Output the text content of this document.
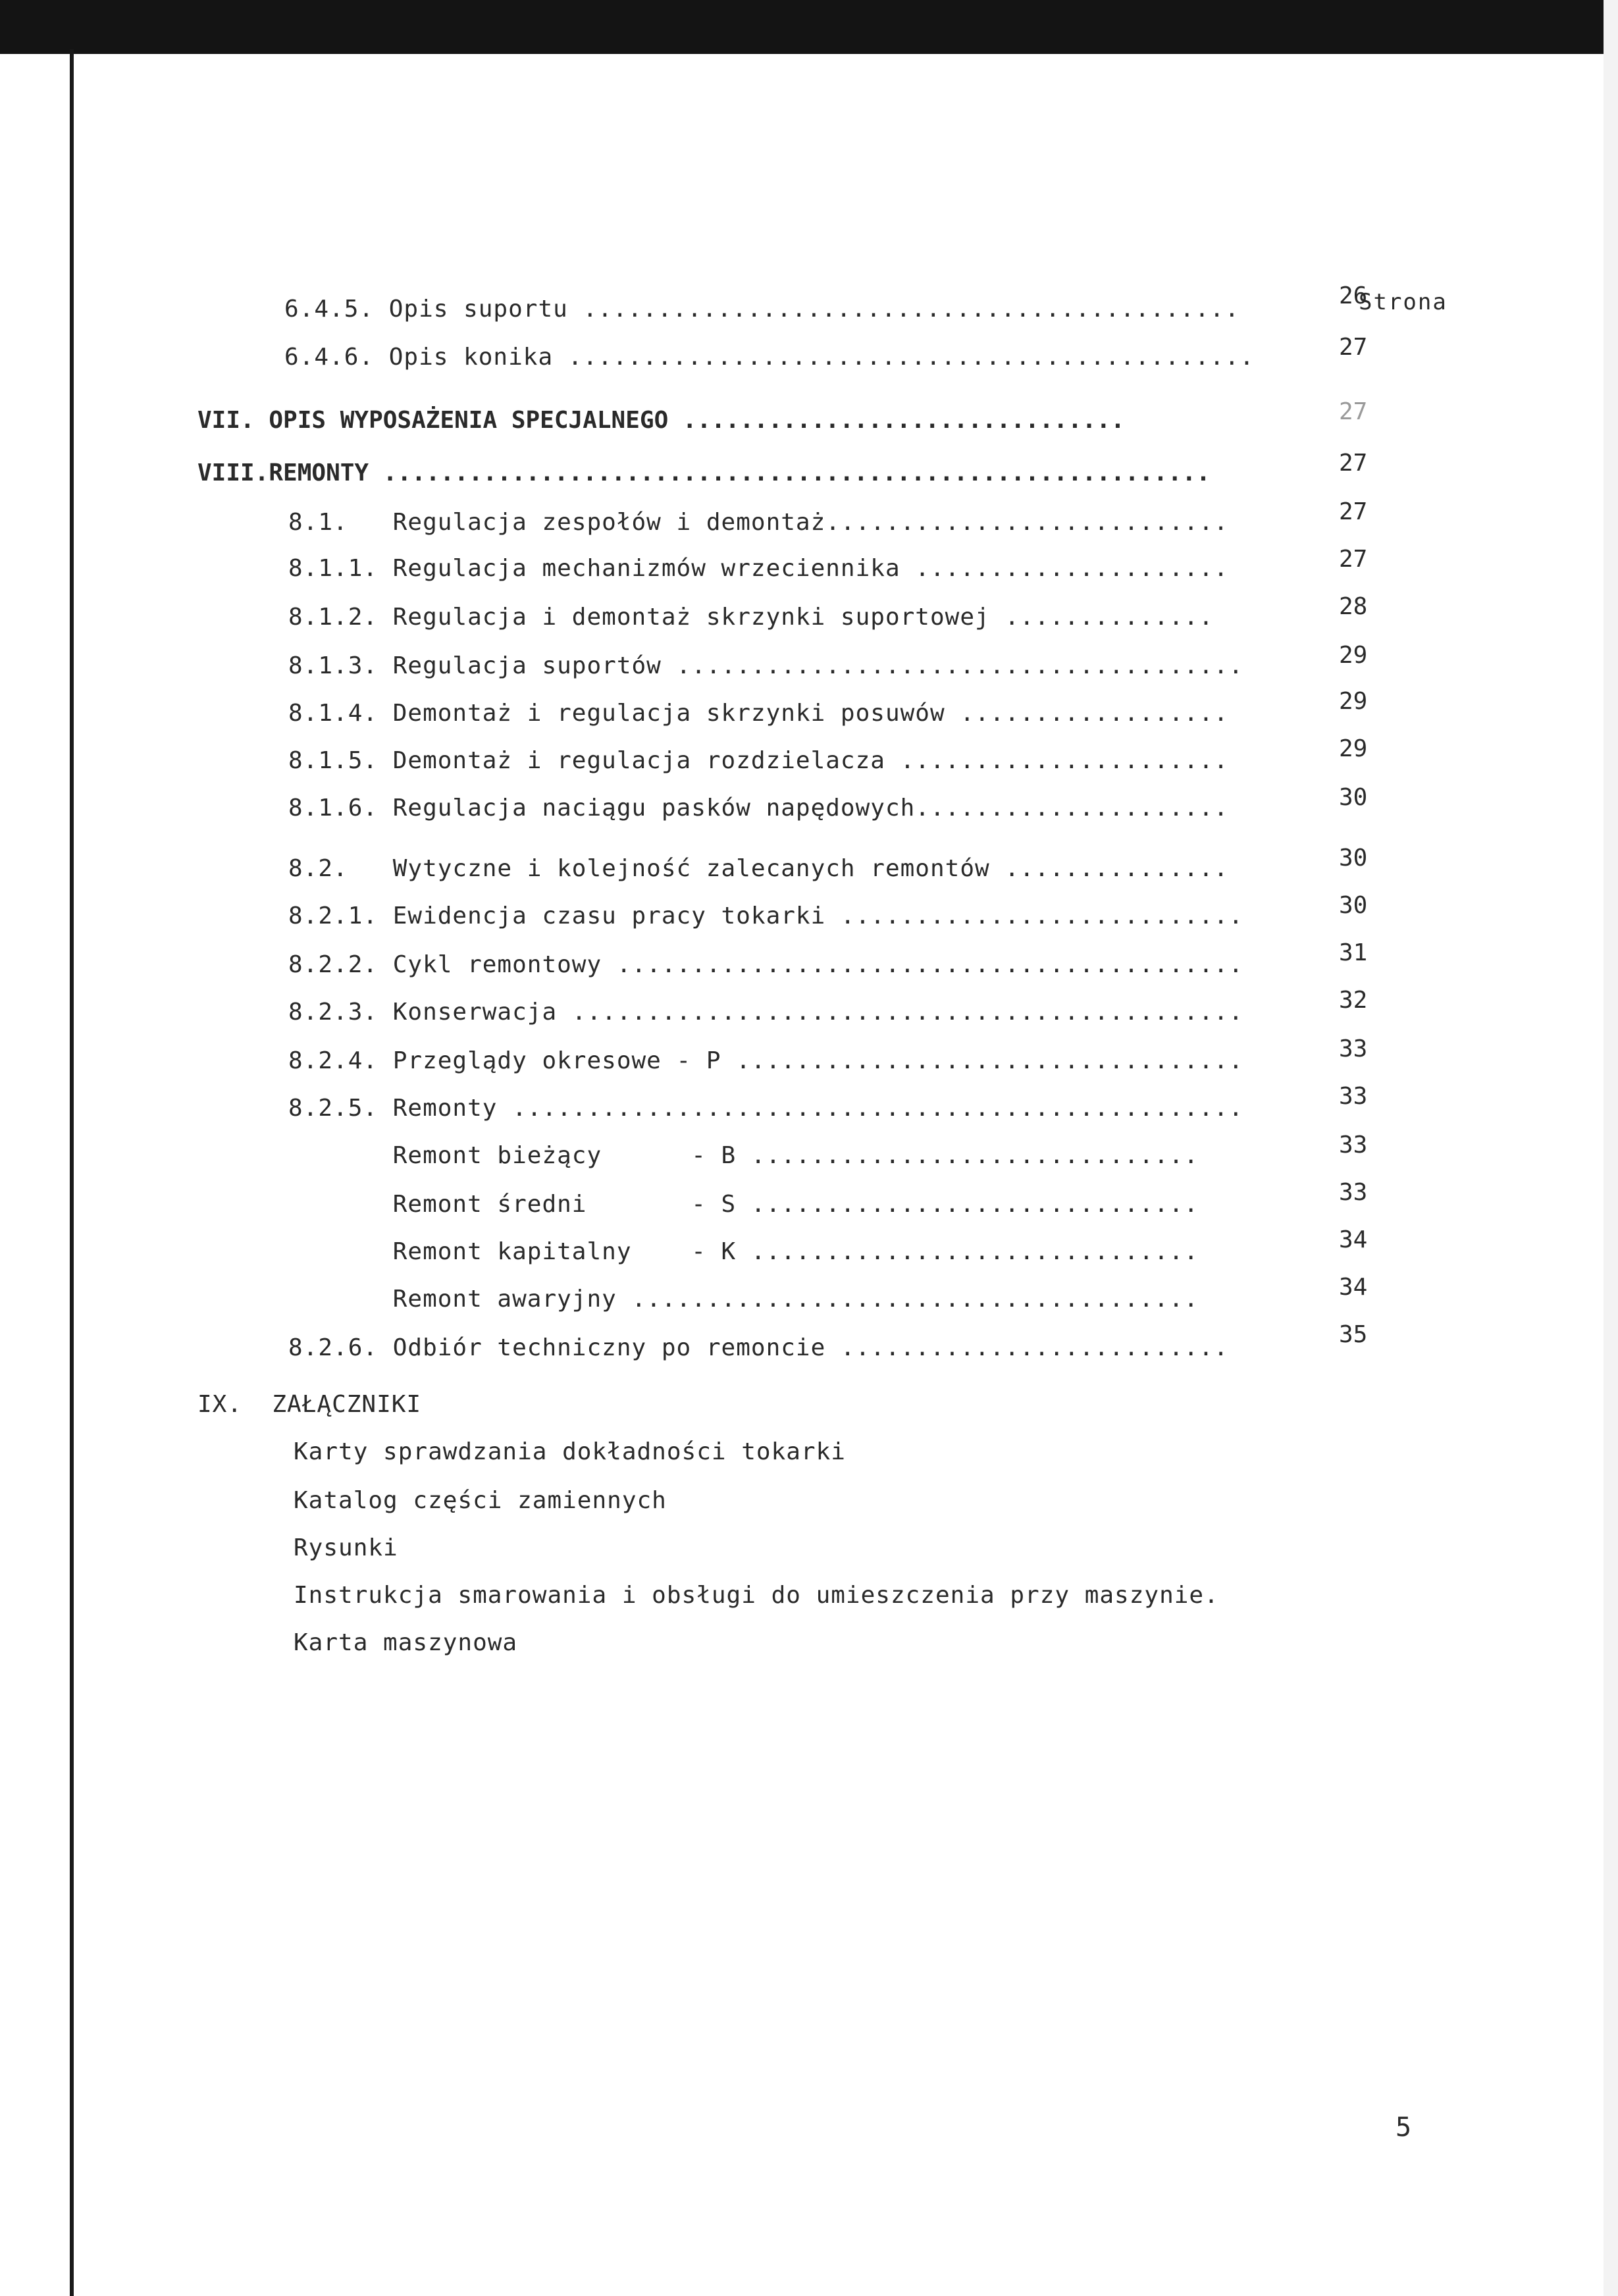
Strona
6.4.5. Opis suportu ............................................	26
6.4.6. Opis konika ..............................................	27
VII. OPIS WYPOSAŻENIA SPECJALNEGO ...............................	27
VIII.REMONTY ..........................................................	27
8.1.   Regulacja zespołów i demontaż...........................	27
8.1.1. Regulacja mechanizmów wrzeciennika .....................	27
8.1.2. Regulacja i demontaż skrzynki suportowej ..............	28
8.1.3. Regulacja suportów ......................................	29
8.1.4. Demontaż i regulacja skrzynki posuwów ..................	29
8.1.5. Demontaż i regulacja rozdzielacza ......................	29
8.1.6. Regulacja naciągu pasków napędowych.....................	30
8.2.   Wytyczne i kolejność zalecanych remontów ...............	30
8.2.1. Ewidencja czasu pracy tokarki ...........................	30
8.2.2. Cykl remontowy ..........................................	31
8.2.3. Konserwacja .............................................	32
8.2.4. Przeglądy okresowe - P ..................................	33
8.2.5. Remonty .................................................	33
Remont bieżący      - B ..............................	33
Remont średni       - S ..............................	33
Remont kapitalny    - K ..............................	34
Remont awaryjny ......................................	34
8.2.6. Odbiór techniczny po remoncie ..........................	35
IX.  ZAŁĄCZNIKI
Karty sprawdzania dokładności tokarki
Katalog części zamiennych
Rysunki
Instrukcja smarowania i obsługi do umieszczenia przy maszynie.
Karta maszynowa
5
